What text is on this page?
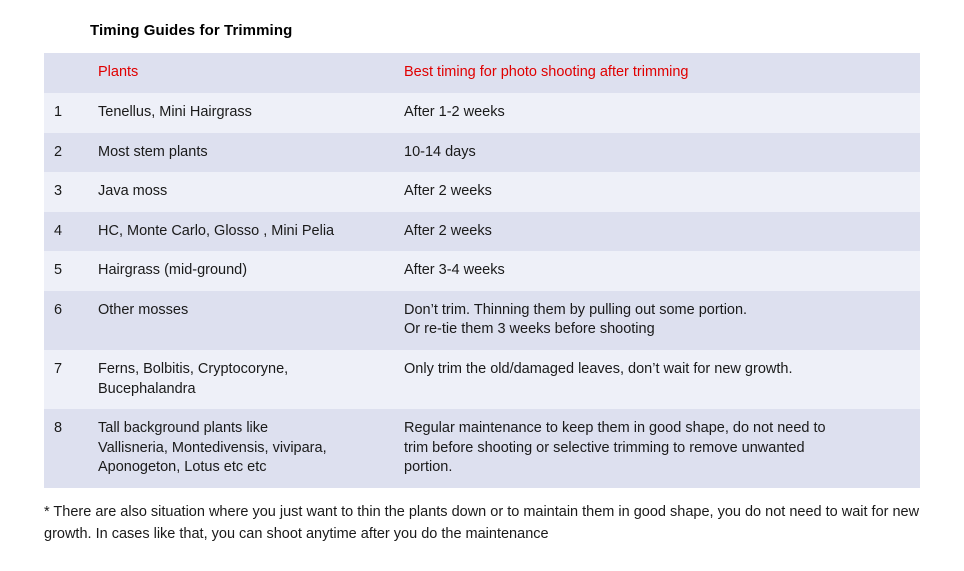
Timing Guides for Trimming
	Plants	Best timing for photo shooting after trimming
1	Tenellus, Mini Hairgrass	After 1-2 weeks

2	Most stem plants	10-14 days

3	Java moss	After 2 weeks

4	HC, Monte Carlo, Glosso , Mini Pelia	After 2 weeks

5	Hairgrass (mid-ground)	After 3-4 weeks

6	Other mosses	Don’t trim. Thinning them by pulling out some portion.
Or re-tie them 3 weeks before shooting

7	Ferns, Bolbitis, Cryptocoryne,
Bucephalandra	Only trim the old/damaged leaves, don’t wait for new growth.

8	Tall background plants like
Vallisneria, Montedivensis, vivipara,
Aponogeton, Lotus etc etc	Regular maintenance to keep them in good shape, do not need to
trim before shooting or selective trimming to remove unwanted
portion.
* There are also situation where you just want to thin the plants down or to maintain them in good shape, you do not need to wait for new growth. In cases like that, you can shoot anytime after you do the maintenance
